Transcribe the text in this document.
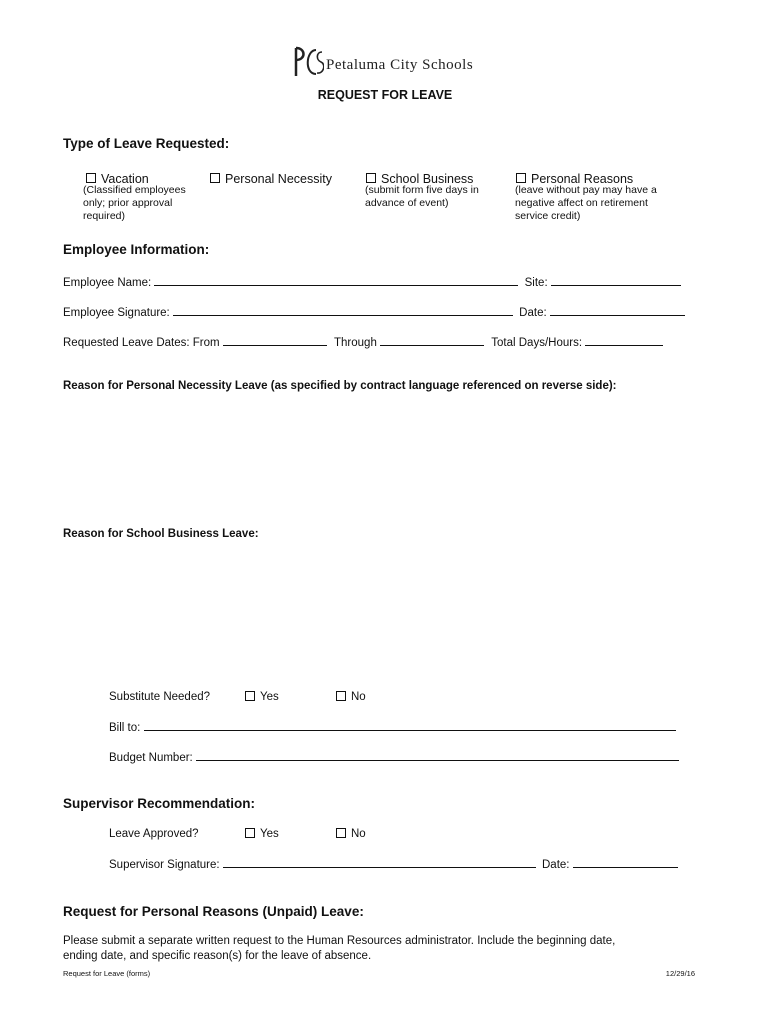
Petaluma City Schools
REQUEST FOR LEAVE
Type of Leave Requested:
Vacation
(Classified employees
only; prior approval
required)
Personal Necessity	School Business
(submit form five days in
advance of event)
Personal Reasons
(leave without pay may have a
negative affect on retirement
service credit)
Employee Information:
Employee Name:	Site:
Employee Signature:	Date:
Requested Leave Dates: From	Through	Total Days/Hours:
Reason for Personal Necessity Leave (as specified by contract language referenced on reverse side):
Reason for School Business Leave:
Substitute Needed?	Yes	No
Bill to:
Budget Number:
Supervisor Recommendation:
Leave Approved?	Yes	No
Supervisor Signature:	Date:
Request for Personal Reasons (Unpaid) Leave:
Please submit a separate written request to the Human Resources administrator. Include the beginning date,
ending date, and specific reason(s) for the leave of absence.
Request for Leave (forms)	12/29/16
